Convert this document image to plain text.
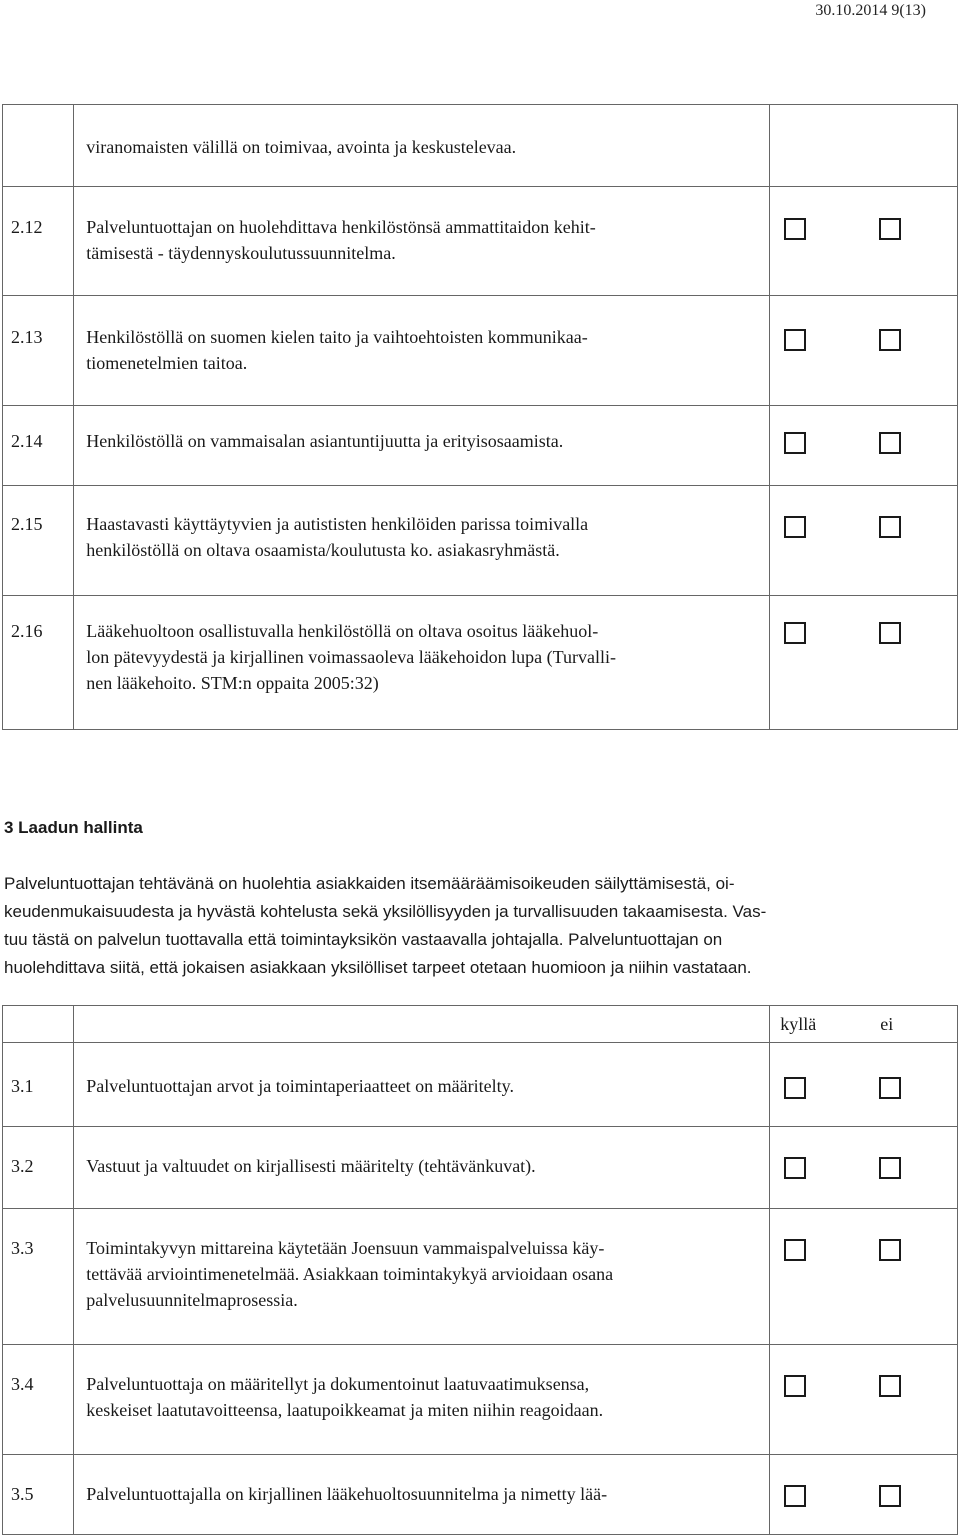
30.10.2014 9(13)

	viranomaisten välillä on toimivaa, avointa ja keskustelevaa.	

2.12	Palveluntuottajan on huolehdittava henkilöstönsä ammattitaidon kehit-
tämisestä - täydennyskoulutussuunnitelma.	

2.13	Henkilöstöllä on suomen kielen taito ja vaihtoehtoisten kommunikaa-
tiomenetelmien taitoa.	

2.14	Henkilöstöllä on vammaisalan asiantuntijuutta ja erityisosaamista.	

2.15	Haastavasti käyttäytyvien ja autististen henkilöiden parissa toimivalla
henkilöstöllä on oltava osaamista/koulutusta ko. asiakasryhmästä.	

2.16	Lääkehuoltoon osallistuvalla henkilöstöllä on oltava osoitus lääkehuol-
lon pätevyydestä ja kirjallinen voimassaoleva lääkehoidon lupa (Turvalli-
nen lääkehoito. STM:n oppaita 2005:32)	

3 Laadun hallinta
Palveluntuottajan tehtävänä on huolehtia asiakkaiden itsemääräämisoikeuden säilyttämisestä, oi-
keudenmukaisuudesta ja hyvästä kohtelusta sekä yksilöllisyyden ja turvallisuuden takaamisesta. Vas-
tuu tästä on palvelun tuottavalla että toimintayksikön vastaavalla johtajalla. Palveluntuottajan on
huolehdittava siitä, että jokaisen asiakkaan yksilölliset tarpeet otetaan huomioon ja niihin vastataan.

		kyllä ei

3.1	Palveluntuottajan arvot ja toimintaperiaatteet on määritelty.	

3.2	Vastuut ja valtuudet on kirjallisesti määritelty (tehtävänkuvat).	

3.3	Toimintakyvyn mittareina käytetään Joensuun vammaispalveluissa käy-
tettävää arviointimenetelmää. Asiakkaan toimintakykyä arvioidaan osana
palvelusuunnitelmaprosessia.	

3.4	Palveluntuottaja on määritellyt ja dokumentoinut laatuvaatimuksensa,
keskeiset laatutavoitteensa, laatupoikkeamat ja miten niihin reagoidaan.	

3.5	Palveluntuottajalla on kirjallinen lääkehuoltosuunnitelma ja nimetty lää-	
